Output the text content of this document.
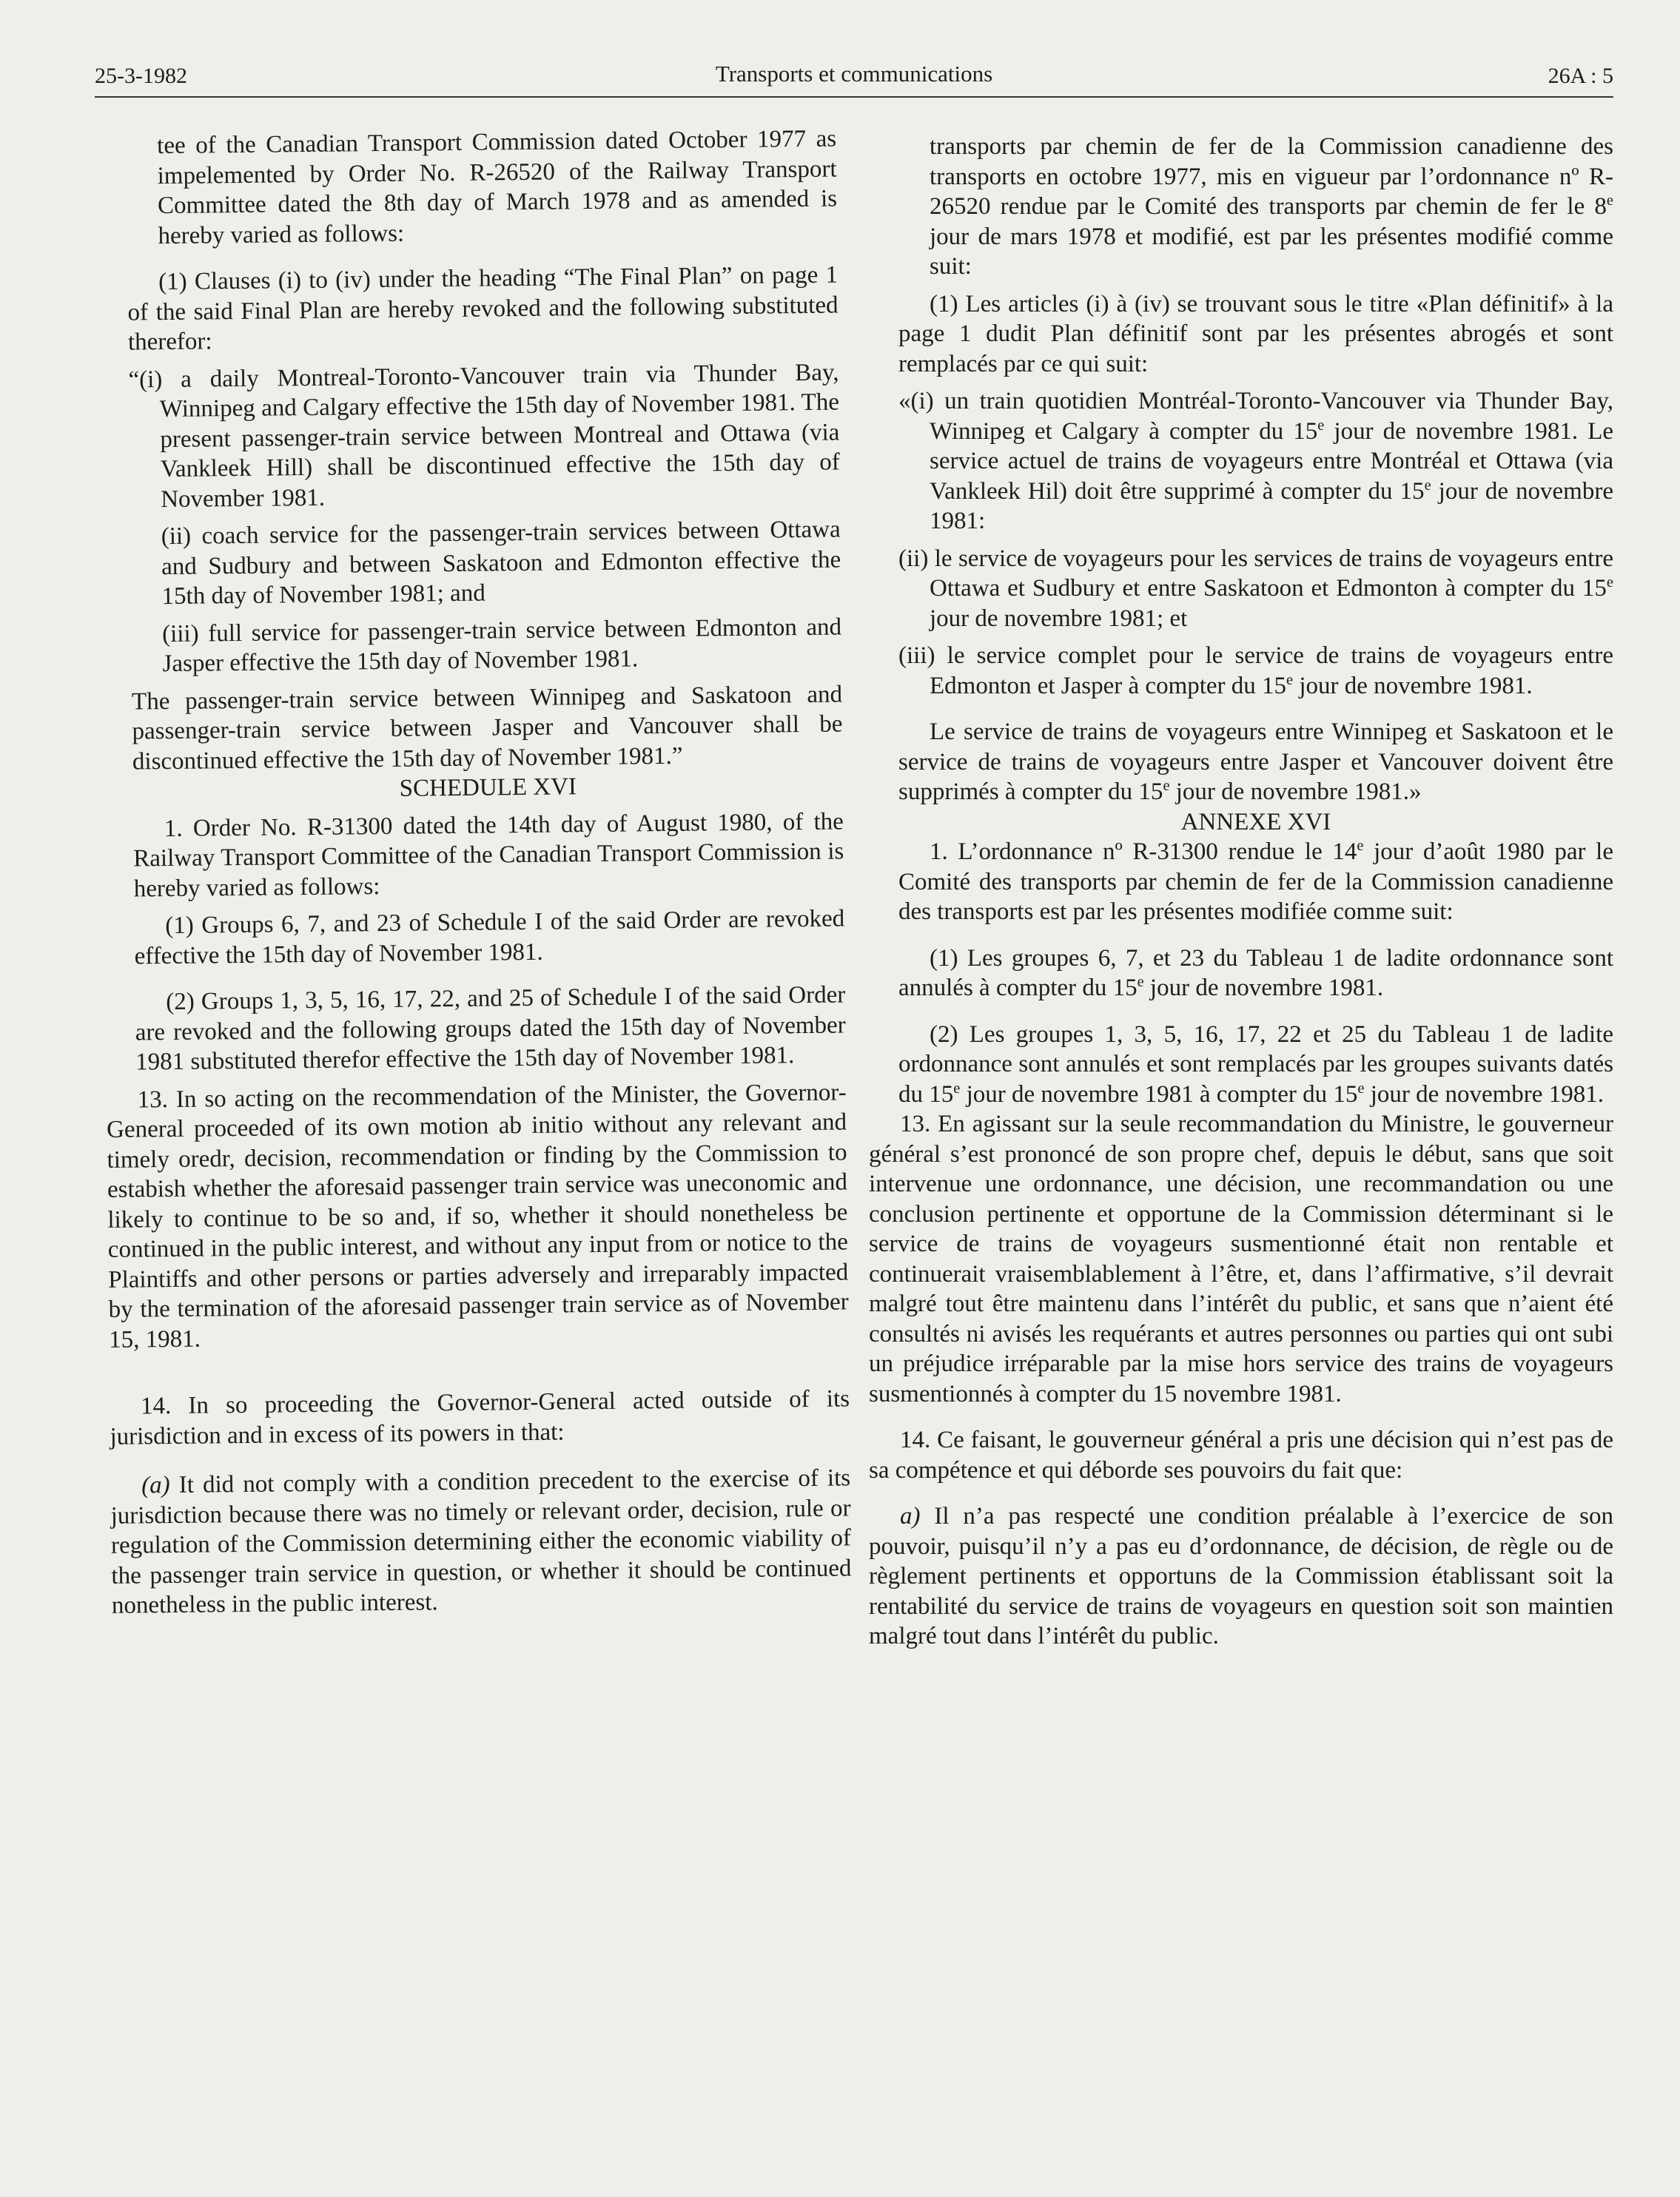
25-3-1982	Transports et communications	26A : 5

tee of the Canadian Transport Commission dated October 1977 as impelemented by Order No. R-26520 of the Railway Transport Committee dated the 8th day of March 1978 and as amended is hereby varied as follows:

(1) Clauses (i) to (iv) under the heading “The Final Plan” on page 1 of the said Final Plan are hereby revoked and the following substituted therefor:

“(i) a daily Montreal-Toronto-Vancouver train via Thunder Bay, Winnipeg and Calgary effective the 15th day of November 1981. The present passenger-train service between Montreal and Ottawa (via Vankleek Hill) shall be discontinued effective the 15th day of November 1981.

(ii) coach service for the passenger-train services between Ottawa and Sudbury and between Saskatoon and Edmonton effective the 15th day of November 1981; and

(iii) full service for passenger-train service between Edmonton and Jasper effective the 15th day of November 1981.

The passenger-train service between Winnipeg and Saskatoon and passenger-train service between Jasper and Vancouver shall be discontinued effective the 15th day of November 1981.”

SCHEDULE XVI

1. Order No. R-31300 dated the 14th day of August 1980, of the Railway Transport Committee of the Canadian Transport Commission is hereby varied as follows:

(1) Groups 6, 7, and 23 of Schedule I of the said Order are revoked effective the 15th day of November 1981.

(2) Groups 1, 3, 5, 16, 17, 22, and 25 of Schedule I of the said Order are revoked and the following groups dated the 15th day of November 1981 substituted therefor effective the 15th day of November 1981.

13. In so acting on the recommendation of the Minister, the Governor-General proceeded of its own motion ab initio without any relevant and timely oredr, decision, recommendation or finding by the Commission to estabish whether the aforesaid passenger train service was uneconomic and likely to continue to be so and, if so, whether it should nonetheless be continued in the public interest, and without any input from or notice to the Plaintiffs and other persons or parties adversely and irreparably impacted by the termination of the aforesaid passenger train service as of November 15, 1981.

14. In so proceeding the Governor-General acted outside of its jurisdiction and in excess of its powers in that:

(a) It did not comply with a condition precedent to the exercise of its jurisdiction because there was no timely or relevant order, decision, rule or regulation of the Commission determining either the economic viability of the passenger train service in question, or whether it should be continued nonetheless in the public interest.

transports par chemin de fer de la Commission canadienne des transports en octobre 1977, mis en vigueur par l’ordonnance nº R-26520 rendue par le Comité des transports par chemin de fer le 8e jour de mars 1978 et modifié, est par les présentes modifié comme suit:

(1) Les articles (i) à (iv) se trouvant sous le titre «Plan définitif» à la page 1 dudit Plan définitif sont par les présentes abrogés et sont remplacés par ce qui suit:

«(i) un train quotidien Montréal-Toronto-Vancouver via Thunder Bay, Winnipeg et Calgary à compter du 15e jour de novembre 1981. Le service actuel de trains de voyageurs entre Montréal et Ottawa (via Vankleek Hil) doit être supprimé à compter du 15e jour de novembre 1981:

(ii) le service de voyageurs pour les services de trains de voyageurs entre Ottawa et Sudbury et entre Saskatoon et Edmonton à compter du 15e jour de novembre 1981; et

(iii) le service complet pour le service de trains de voyageurs entre Edmonton et Jasper à compter du 15e jour de novembre 1981.

Le service de trains de voyageurs entre Winnipeg et Saskatoon et le service de trains de voyageurs entre Jasper et Vancouver doivent être supprimés à compter du 15e jour de novembre 1981.»

ANNEXE XVI

1. L’ordonnance nº R-31300 rendue le 14e jour d’août 1980 par le Comité des transports par chemin de fer de la Commission canadienne des transports est par les présentes modifiée comme suit:

(1) Les groupes 6, 7, et 23 du Tableau 1 de ladite ordonnance sont annulés à compter du 15e jour de novembre 1981.

(2) Les groupes 1, 3, 5, 16, 17, 22 et 25 du Tableau 1 de ladite ordonnance sont annulés et sont remplacés par les groupes suivants datés du 15e jour de novembre 1981 à compter du 15e jour de novembre 1981.

13. En agissant sur la seule recommandation du Ministre, le gouverneur général s’est prononcé de son propre chef, depuis le début, sans que soit intervenue une ordonnance, une décision, une recommandation ou une conclusion pertinente et opportune de la Commission déterminant si le service de trains de voyageurs susmentionné était non rentable et continuerait vraisemblablement à l’être, et, dans l’affirmative, s’il devrait malgré tout être maintenu dans l’intérêt du public, et sans que n’aient été consultés ni avisés les requérants et autres personnes ou parties qui ont subi un préjudice irréparable par la mise hors service des trains de voyageurs susmentionnés à compter du 15 novembre 1981.

14. Ce faisant, le gouverneur général a pris une décision qui n’est pas de sa compétence et qui déborde ses pouvoirs du fait que:

a) Il n’a pas respecté une condition préalable à l’exercice de son pouvoir, puisqu’il n’y a pas eu d’ordonnance, de décision, de règle ou de règlement pertinents et opportuns de la Commission établissant soit la rentabilité du service de trains de voyageurs en question soit son maintien malgré tout dans l’intérêt du public.
